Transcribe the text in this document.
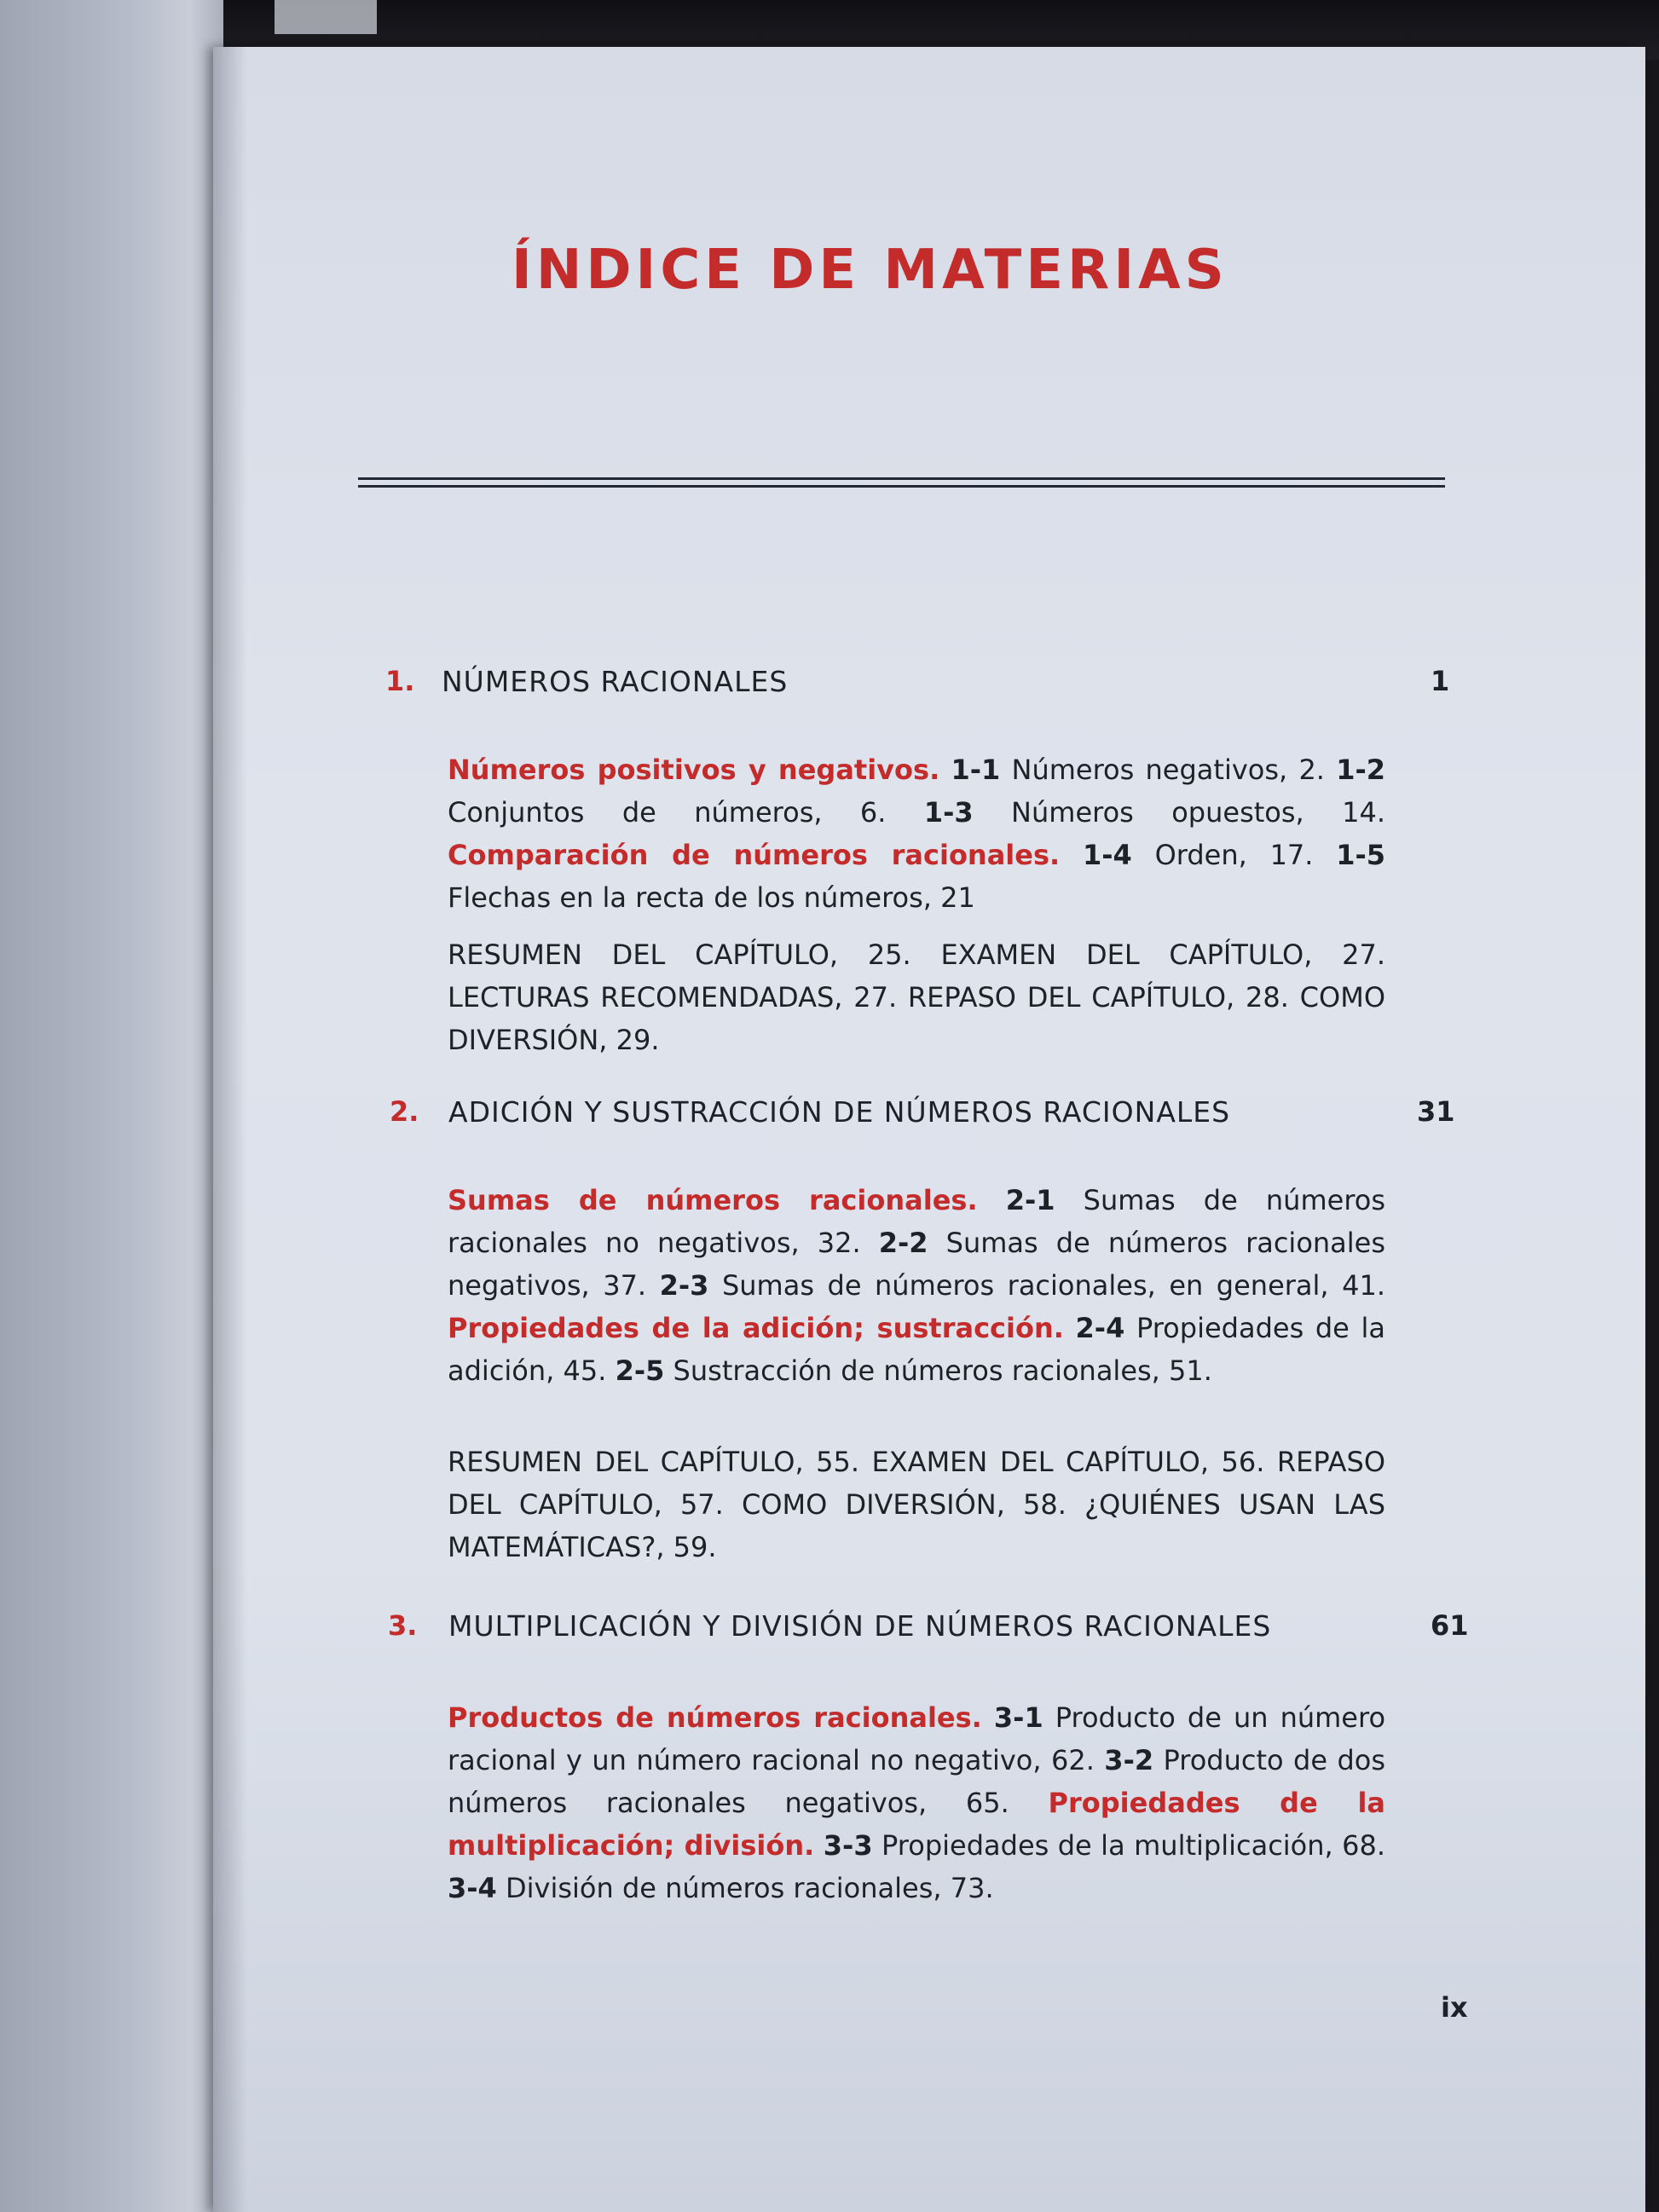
ÍNDICE DE MATERIAS
1. NÚMEROS RACIONALES	1
Números positivos y negativos. 1-1 Números negativos, 2. 1-2 Conjuntos de números, 6. 1-3 Números opuestos, 14. Comparación de números racionales. 1-4 Orden, 17. 1-5 Flechas en la recta de los números, 21
RESUMEN DEL CAPÍTULO, 25. EXAMEN DEL CAPÍTULO, 27. LECTURAS RECOMENDADAS, 27. REPASO DEL CAPÍTULO, 28. COMO DIVERSIÓN, 29.
2. ADICIÓN Y SUSTRACCIÓN DE NÚMEROS RACIONALES	31
Sumas de números racionales. 2-1 Sumas de números racionales no negativos, 32. 2-2 Sumas de números racionales negativos, 37. 2-3 Sumas de números racionales, en general, 41. Propiedades de la adición; sustracción. 2-4 Propiedades de la adición, 45. 2-5 Sustracción de números racionales, 51.
RESUMEN DEL CAPÍTULO, 55. EXAMEN DEL CAPÍTULO, 56. REPASO DEL CAPÍTULO, 57. COMO DIVERSIÓN, 58. ¿QUIÉNES USAN LAS MATEMÁTICAS?, 59.
3. MULTIPLICACIÓN Y DIVISIÓN DE NÚMEROS RACIONALES	61
Productos de números racionales. 3-1 Producto de un número racional y un número racional no negativo, 62. 3-2 Producto de dos números racionales negativos, 65. Propiedades de la multiplicación; división. 3-3 Propiedades de la multiplicación, 68. 3-4 División de números racionales, 73.
ix
